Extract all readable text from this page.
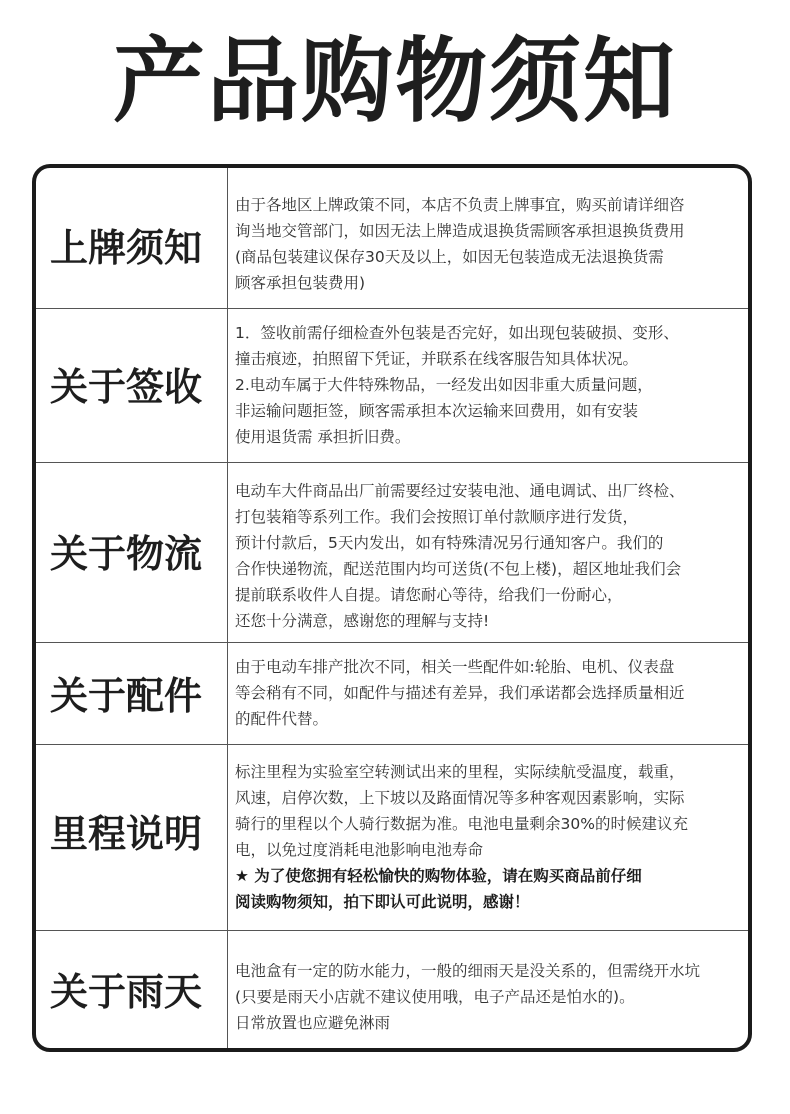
产品购物须知
上牌须知
由于各地区上牌政策不同，本店不负责上牌事宜，购买前请详细咨
询当地交管部门，如因无法上牌造成退换货需顾客承担退换货费用
(商品包装建议保存30天及以上，如因无包装造成无法退换货需
顾客承担包装费用)
关于签收
1．签收前需仔细检查外包装是否完好，如出现包装破损、变形、
撞击痕迹，拍照留下凭证，并联系在线客服告知具体状况。
2.电动车属于大件特殊物品，一经发出如因非重大质量问题，
非运输问题拒签，顾客需承担本次运输来回费用，如有安装
使用退货需 承担折旧费。
关于物流
电动车大件商品出厂前需要经过安装电池、通电调试、出厂终检、
打包装箱等系列工作。我们会按照订单付款顺序进行发货，
预计付款后，5天内发出，如有特殊清况另行通知客户。我们的
合作快递物流，配送范围内均可送货(不包上楼)，超区地址我们会
提前联系收件人自提。请您耐心等待，给我们一份耐心，
还您十分满意，感谢您的理解与支持!
关于配件
由于电动车排产批次不同，相关一些配件如:轮胎、电机、仪表盘
等会稍有不同，如配件与描述有差异，我们承诺都会选择质量相近
的配件代替。
里程说明
标注里程为实验室空转测试出来的里程，实际续航受温度，载重，
风速，启停次数，上下坡以及路面情况等多种客观因素影响，实际
骑行的里程以个人骑行数据为准。电池电量剩余30%的时候建议充
电，以免过度消耗电池影响电池寿命
★ 为了使您拥有轻松愉快的购物体验，请在购买商品前仔细
阅读购物须知，拍下即认可此说明，感谢！
关于雨天	电池盒有一定的防水能力，一般的细雨天是没关系的，但需绕开水坑
(只要是雨天小店就不建议使用哦，电子产品还是怕水的)。
日常放置也应避免淋雨
